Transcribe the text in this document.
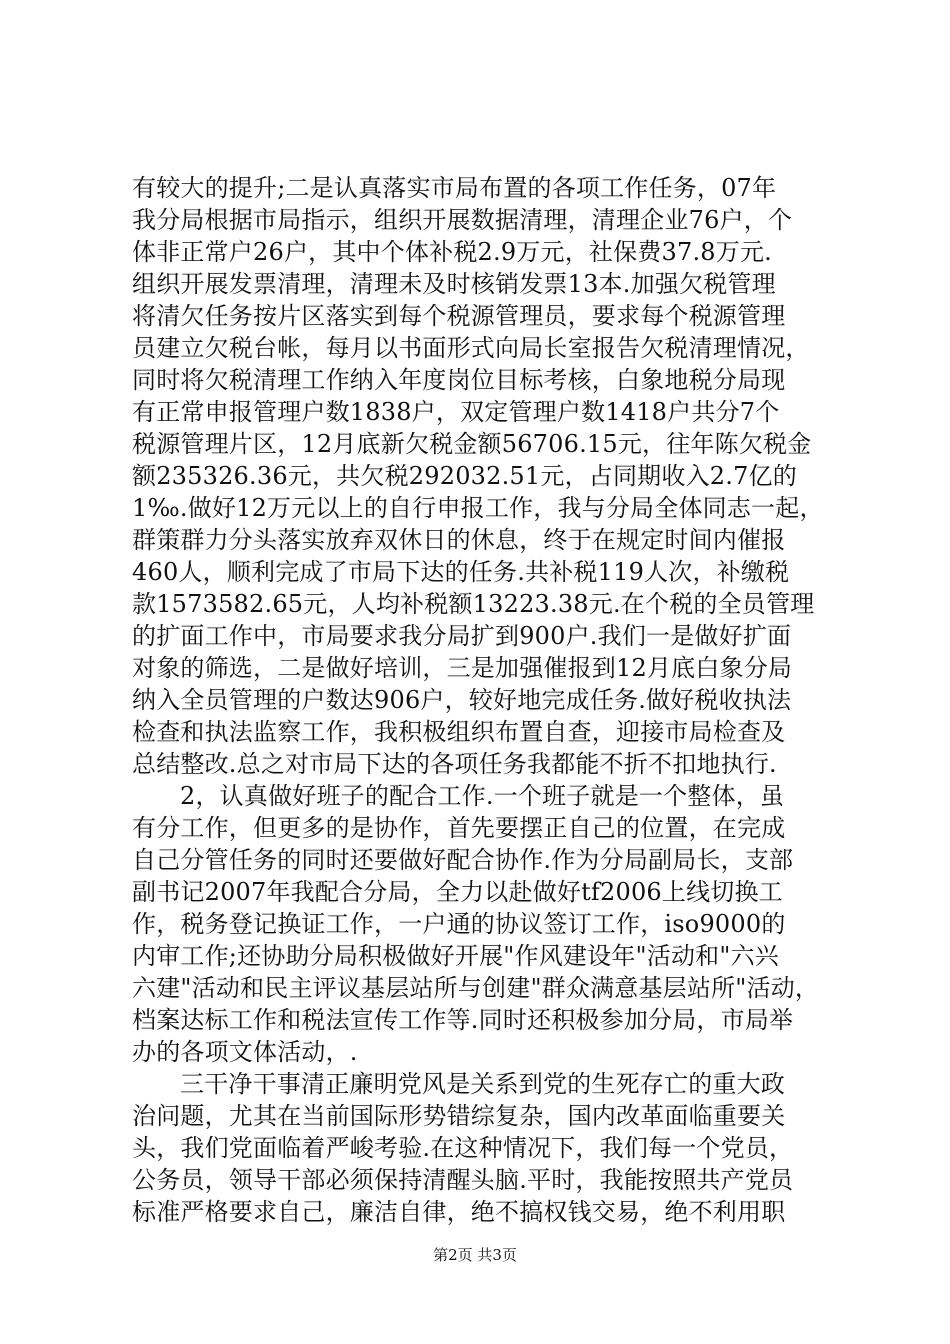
有较大的提升;二是认真落实市局布置的各项工作任务，07年
我分局根据市局指示，组织开展数据清理，清理企业76户，个
体非正常户26户，其中个体补税2.9万元，社保费37.8万元.
组织开展发票清理，清理未及时核销发票13本.加强欠税管理
将清欠任务按片区落实到每个税源管理员，要求每个税源管理
员建立欠税台帐，每月以书面形式向局长室报告欠税清理情况，
同时将欠税清理工作纳入年度岗位目标考核，白象地税分局现
有正常申报管理户数1838户，双定管理户数1418户共分7个
税源管理片区，12月底新欠税金额56706.15元，往年陈欠税金
额235326.36元，共欠税292032.51元，占同期收入2.7亿的
1‰.做好12万元以上的自行申报工作，我与分局全体同志一起，
群策群力分头落实放弃双休日的休息，终于在规定时间内催报
460人，顺利完成了市局下达的任务.共补税119人次，补缴税
款1573582.65元，人均补税额13223.38元.在个税的全员管理
的扩面工作中，市局要求我分局扩到900户.我们一是做好扩面
对象的筛选，二是做好培训，三是加强催报到12月底白象分局
纳入全员管理的户数达906户，较好地完成任务.做好税收执法
检查和执法监察工作，我积极组织布置自查，迎接市局检查及
总结整改.总之对市局下达的各项任务我都能不折不扣地执行.
2，认真做好班子的配合工作.一个班子就是一个整体，虽
有分工作，但更多的是协作，首先要摆正自己的位置，在完成
自己分管任务的同时还要做好配合协作.作为分局副局长，支部
副书记2007年我配合分局，全力以赴做好tf2006上线切换工
作，税务登记换证工作，一户通的协议签订工作，iso9000的
内审工作;还协助分局积极做好开展"作风建设年"活动和"六兴
六建"活动和民主评议基层站所与创建"群众满意基层站所"活动，
档案达标工作和税法宣传工作等.同时还积极参加分局，市局举
办的各项文体活动，.
三干净干事清正廉明党风是关系到党的生死存亡的重大政
治问题，尤其在当前国际形势错综复杂，国内改革面临重要关
头，我们党面临着严峻考验.在这种情况下，我们每一个党员，
公务员，领导干部必须保持清醒头脑.平时，我能按照共产党员
标准严格要求自己，廉洁自律，绝不搞权钱交易，绝不利用职
第2页 共3页
